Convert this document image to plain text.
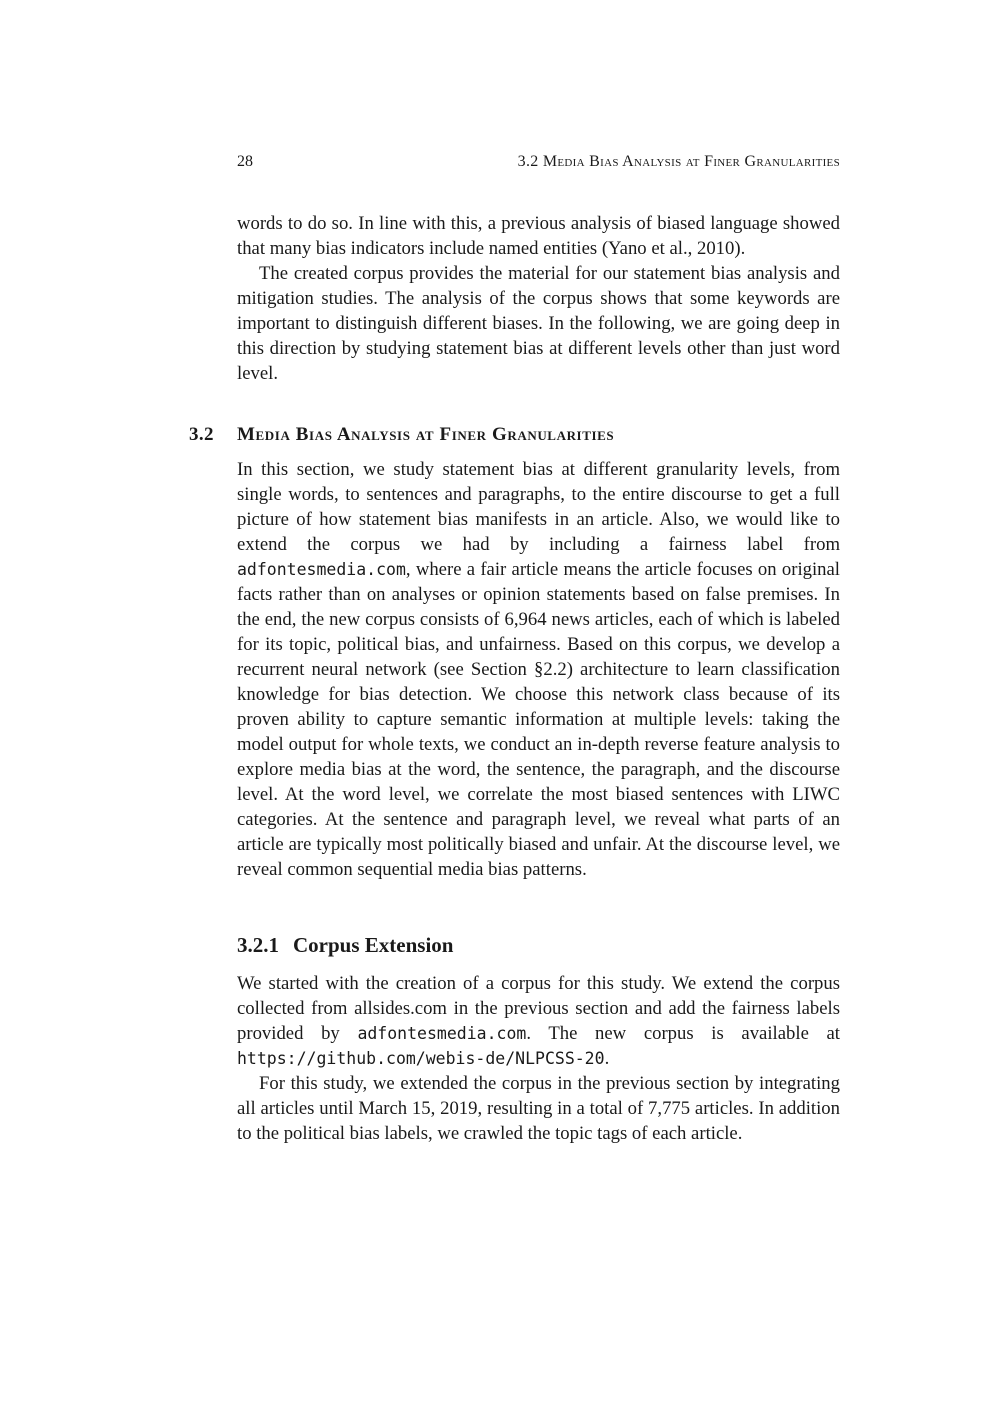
28	3.2 Media Bias Analysis at Finer Granularities

words to do so. In line with this, a previous analysis of biased language showed that many bias indicators include named entities (Yano et al., 2010).

The created corpus provides the material for our statement bias analysis and mitigation studies. The analysis of the corpus shows that some keywords are important to distinguish different biases. In the following, we are going deep in this direction by studying statement bias at different levels other than just word level.

3.2 Media Bias Analysis at Finer Granularities

In this section, we study statement bias at different granularity levels, from single words, to sentences and paragraphs, to the entire discourse to get a full picture of how statement bias manifests in an article. Also, we would like to extend the corpus we had by including a fairness label from adfontesmedia.com, where a fair article means the article focuses on original facts rather than on analyses or opinion statements based on false premises. In the end, the new corpus consists of 6,964 news articles, each of which is labeled for its topic, political bias, and unfairness. Based on this corpus, we develop a recurrent neural network (see Section §2.2) architecture to learn classification knowledge for bias detection. We choose this network class because of its proven ability to capture semantic information at multiple levels: taking the model output for whole texts, we conduct an in-depth reverse feature analysis to explore media bias at the word, the sentence, the paragraph, and the discourse level. At the word level, we correlate the most biased sentences with LIWC categories. At the sentence and paragraph level, we reveal what parts of an article are typically most politically biased and unfair. At the discourse level, we reveal common sequential media bias patterns.

3.2.1 Corpus Extension

We started with the creation of a corpus for this study. We extend the corpus collected from allsides.com in the previous section and add the fairness labels provided by adfontesmedia.com. The new corpus is available at https://github.com/webis-de/NLPCSS-20.

For this study, we extended the corpus in the previous section by integrating all articles until March 15, 2019, resulting in a total of 7,775 articles. In addition to the political bias labels, we crawled the topic tags of each article.
